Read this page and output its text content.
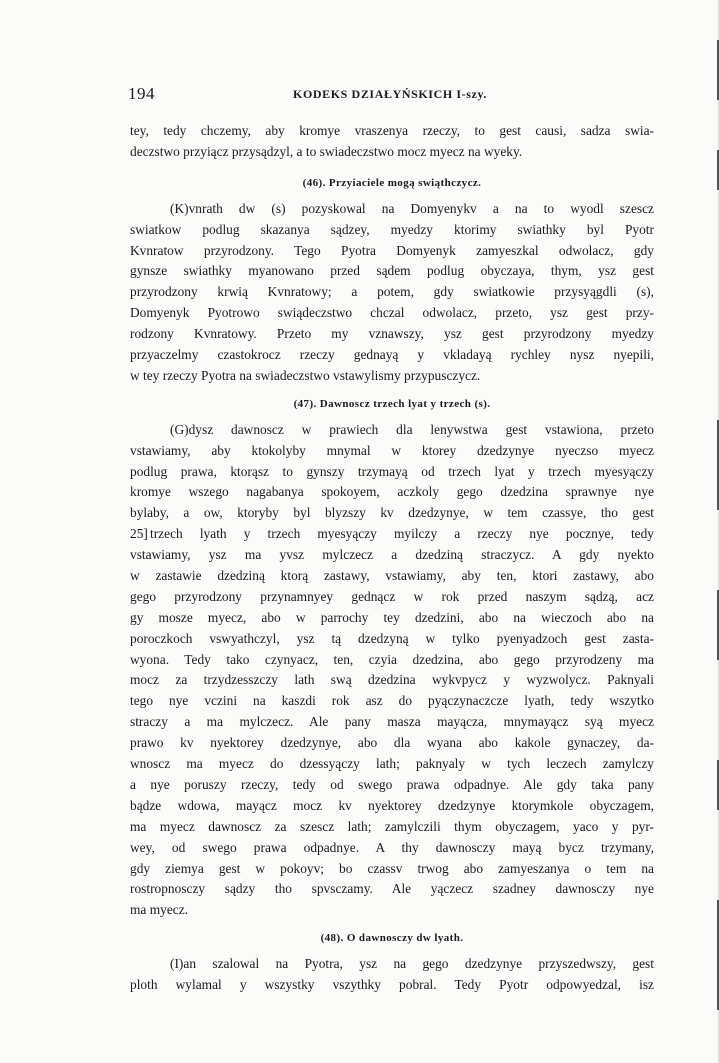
194	KODEKS DZIAŁYŃSKICH I-szy.
tey, tedy chczemy, aby kromye vraszenya rzeczy, to gest causi, sadza swia-
deczstwo przyiącz przysądzyl, a to swiadeczstwo mocz myecz na wyeky.
(46). Przyiaciele mogą swiąthczycz.
(K)vnrath dw (s) pozyskowal na Domyenykv a na to wyodl szescz
swiatkow podlug skazanya sądzey, myedzy ktorimy swiathky byl Pyotr
Kvnratow przyrodzony. Tego Pyotra Domyenyk zamyeszkal odwolacz, gdy
gynsze swiathky myanowano przed sądem podlug obyczaya, thym, ysz gest
przyrodzony krwią Kvnratowy; a potem, gdy swiatkowie przysyągdli (s),
Domyenyk Pyotrowo swiądeczstwo chczal odwolacz, przeto, ysz gest przy-
rodzony Kvnratowy. Przeto my vznawszy, ysz gest przyrodzony myedzy
przyaczelmy czastokrocz rzeczy gednayą y vkladayą rychley nysz nyepili,
w tey rzeczy Pyotra na swiadeczstwo vstawylismy przypusczycz.
(47). Dawnoscz trzech lyat y trzech (s).
(G)dysz dawnoscz w prawiech dla lenywstwa gest vstawiona, przeto
vstawiamy, aby ktokolyby mnymal w ktorey dzedzynye nyeczso myecz
podlug prawa, ktorąsz to gynszy trzymayą od trzech lyat y trzech myesyączy
kromye wszego nagabanya spokoyem, aczkoly gego dzedzina sprawnye nye
bylaby, a ow, ktoryby byl blyzszy kv dzedzynye, w tem czassye, tho gest
25] trzech lyath y trzech myesyączy myilczy a rzeczy nye pocznye, tedy
vstawiamy, ysz ma yvsz mylczecz a dzedziną straczycz. A gdy nyekto
w zastawie dzedziną ktorą zastawy, vstawiamy, aby ten, ktori zastawy, abo
gego przyrodzony przynamnyey gednącz w rok przed naszym sądzą, acz
gy mosze myecz, abo w parrochy tey dzedzini, abo na wieczoch abo na
poroczkoch vswyathczyl, ysz tą dzedzyną w tylko pyenyadzoch gest zasta-
wyona. Tedy tako czynyacz, ten, czyia dzedzina, abo gego przyrodzeny ma
mocz za trzydzesszczy lath swą dzedzina wykvpycz y wyzwolycz. Paknyali
tego nye vczini na kaszdi rok asz do pyączynaczcze lyath, tedy wszytko
straczy a ma mylczecz. Ale pany masza mayącza, mnymayącz syą myecz
prawo kv nyektorey dzedzynye, abo dla wyana abo kakole gynaczey, da-
wnoscz ma myecz do dzessyączy lath; paknyaly w tych leczech zamylczy
a nye poruszy rzeczy, tedy od swego prawa odpadnye. Ale gdy taka pany
bądze wdowa, mayącz mocz kv nyektorey dzedzynye ktorymkole obyczagem,
ma myecz dawnoscz za szescz lath; zamylczili thym obyczagem, yaco y pyr-
wey, od swego prawa odpadnye. A thy dawnosczy mayą bycz trzymany,
gdy ziemya gest w pokoyv; bo czassv trwog abo zamyeszanya o tem na
rostropnosczy sądzy tho spvsczamy. Ale yączecz szadney dawnosczy nye
ma myecz.
(48). O dawnosczy dw lyath.
(I)an szalowal na Pyotra, ysz na gego dzedzynye przyszedwszy, gest
ploth wylamal y wszystky vszythky pobral. Tedy Pyotr odpowyedzal, isz
